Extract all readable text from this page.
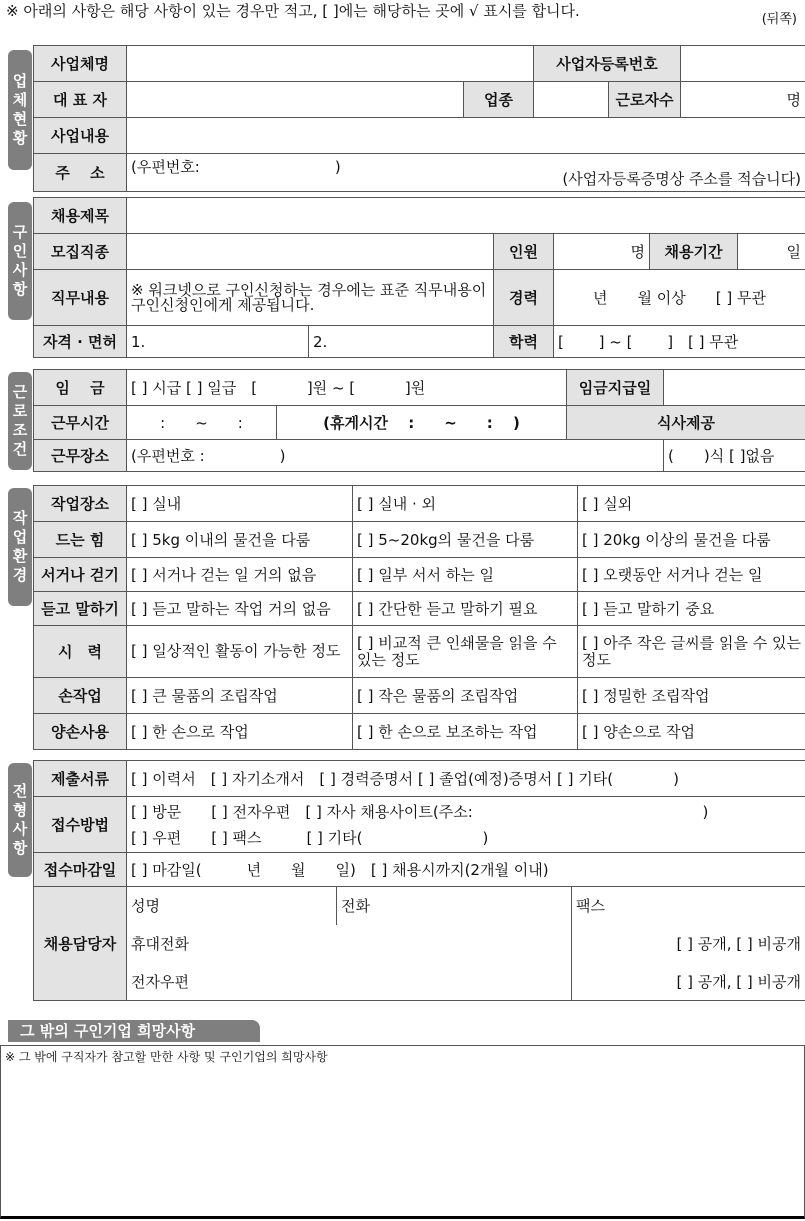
※ 아래의 사항은 해당 사항이 있는 경우만 적고, [ ]에는 해당하는 곳에 √ 표시를 합니다.	(뒤쪽)
업
체
현
황
사업체명			사업자등록번호		
대 표 자		업종		근로자수	명
사업내용					
주　 소	(우편번호:　　　　　　　　　)
(사업자등록증명상 주소를 적습니다)				
구
인
사
항
채용제목						
모집직종			인원	명	채용기간	일
직무내용	※ 워크넷으로 구인신청하는 경우에는 표준 직무내용이 구인신청인에게 제공됩니다.		경력	년　　월 이상　　[ ] 무관		
자격 · 면허	1.	2.	학력	[　　 ] ~ [　　 ]　[ ] 무관		
근
로
조
건
임　 금	[ ] 시급 [ ] 일급　[　　　 ]원 ~ [　　　 ]원		임금지급일	
근무시간	:　　~　　:	(휴게시간　 :　　~　　:　 )	식사제공	
근무장소	(우편번호 :　　　　　)			(　　)식 [ ]없음
작
업
환
경
작업장소	[ ] 실내	[ ] 실내 · 외	[ ] 실외
드는 힘	[ ] 5kg 이내의 물건을 다룸	[ ] 5~20kg의 물건을 다룸	[ ] 20kg 이상의 물건을 다룸
서거나 걷기	[ ] 서거나 걷는 일 거의 없음	[ ] 일부 서서 하는 일	[ ] 오랫동안 서거나 걷는 일
듣고 말하기	[ ] 듣고 말하는 작업 거의 없음	[ ] 간단한 듣고 말하기 필요	[ ] 듣고 말하기 중요
시　력	[ ] 일상적인 활동이 가능한 정도	[ ] 비교적 큰 인쇄물을 읽을 수 있는 정도	[ ] 아주 작은 글씨를 읽을 수 있는 정도
손작업	[ ] 큰 물품의 조립작업	[ ] 작은 물품의 조립작업	[ ] 정밀한 조립작업
양손사용	[ ] 한 손으로 작업	[ ] 한 손으로 보조하는 작업	[ ] 양손으로 작업
전
형
사
항
제출서류	[ ] 이력서　[ ] 자기소개서　[ ] 경력증명서 [ ] 졸업(예정)증명서 [ ] 기타(　　　　)		
접수방법	[ ] 방문　　[ ] 전자우편　[ ] 자사 채용사이트(주소:　　　　　　　　　　　　　　　 )
[ ] 우편　　[ ] 팩스　　　[ ] 기타(　　　　　　　　)		

접수마감일	[ ] 마감일(　　　년　　월　　일)　[ ] 채용시까지(2개월 이내)		
채용담당자	성명	전화	팩스
	휴대전화		[ ] 공개, [ ] 비공개
	전자우편		[ ] 공개, [ ] 비공개
그 밖의 구인기업 희망사항
※ 그 밖에 구직자가 참고할 만한 사항 및 구인기업의 희망사항
